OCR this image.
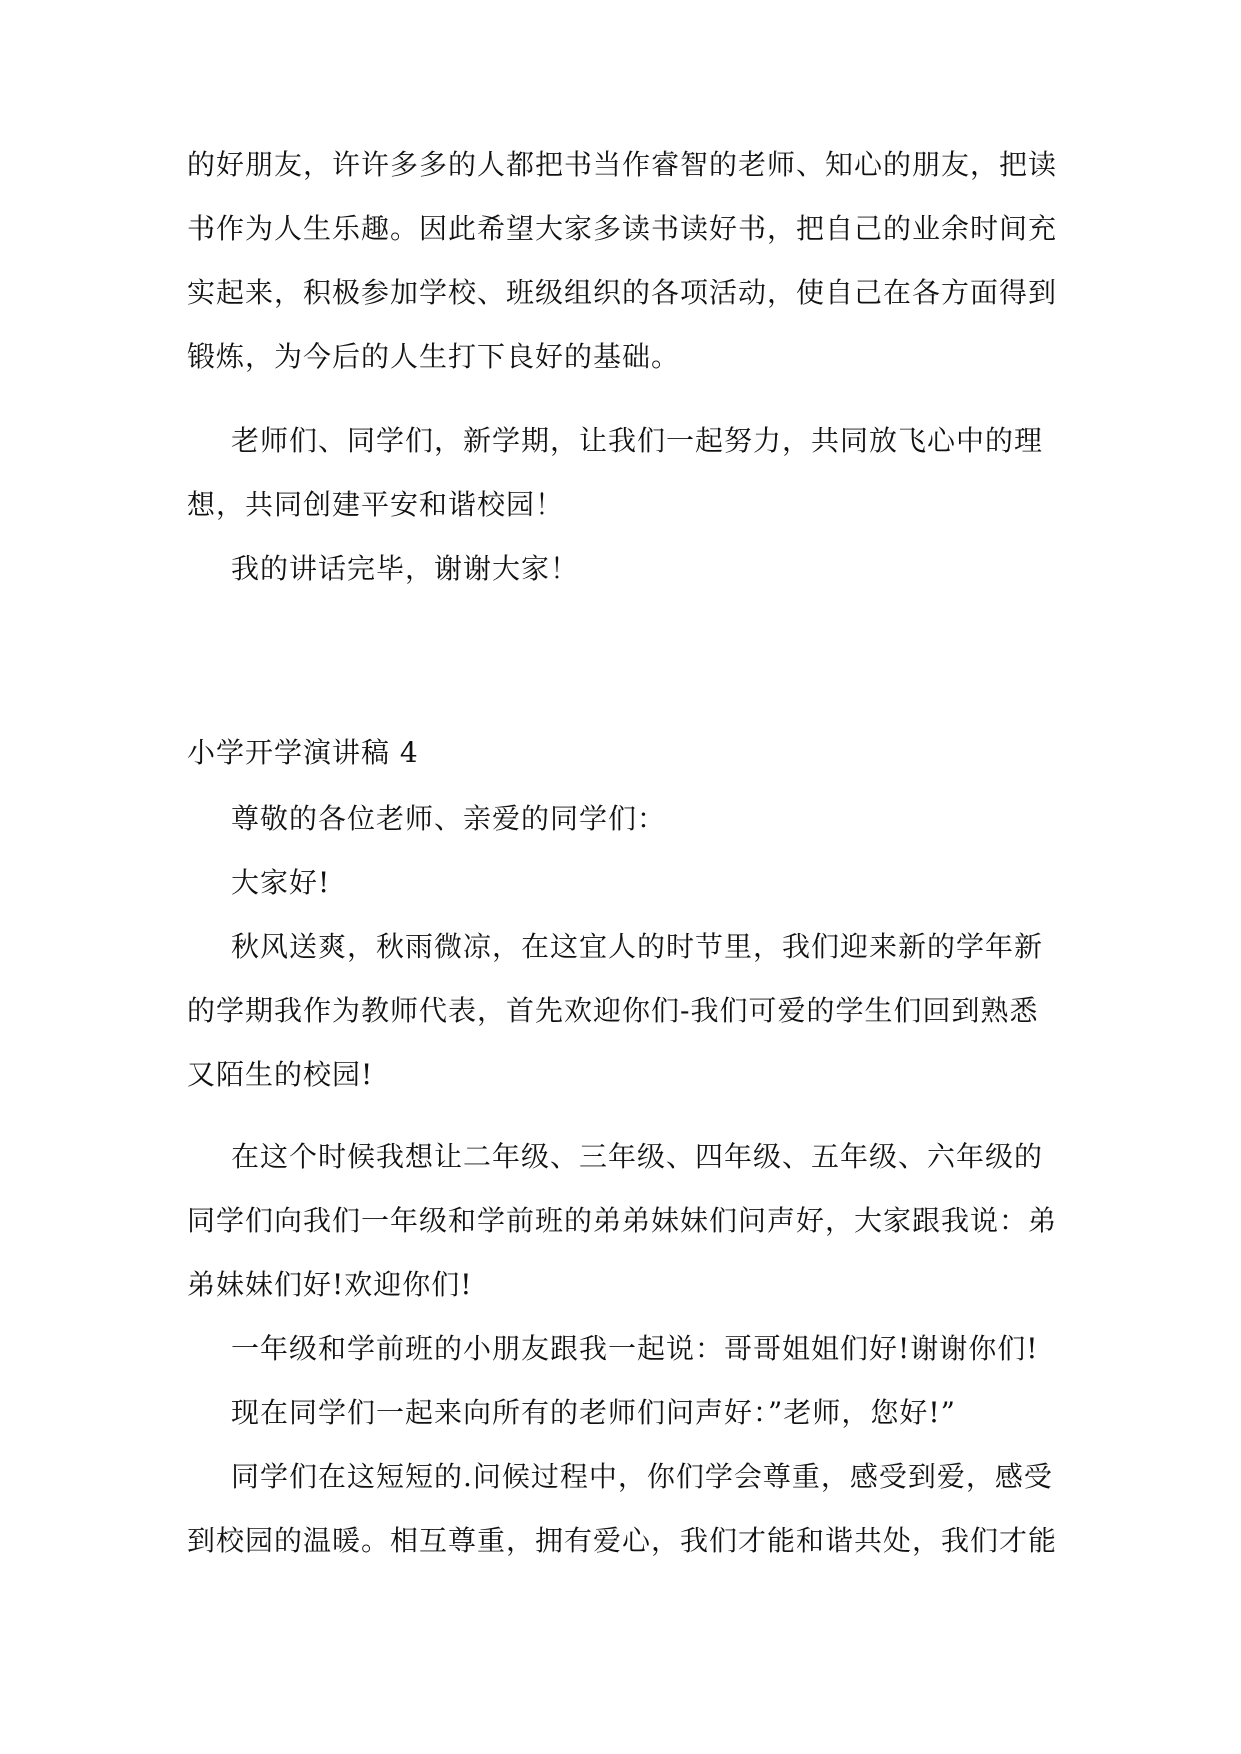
的好朋友，许许多多的人都把书当作睿智的老师、知心的朋友，把读
书作为人生乐趣。因此希望大家多读书读好书，把自己的业余时间充
实起来，积极参加学校、班级组织的各项活动，使自己在各方面得到
锻炼，为今后的人生打下良好的基础。
老师们、同学们，新学期，让我们一起努力，共同放飞心中的理
想，共同创建平安和谐校园！
我的讲话完毕，谢谢大家！
小学开学演讲稿 4
尊敬的各位老师、亲爱的同学们：
大家好!
秋风送爽，秋雨微凉，在这宜人的时节里，我们迎来新的学年新
的学期我作为教师代表，首先欢迎你们-我们可爱的学生们回到熟悉
又陌生的校园!
在这个时候我想让二年级、三年级、四年级、五年级、六年级的
同学们向我们一年级和学前班的弟弟妹妹们问声好，大家跟我说：弟
弟妹妹们好!欢迎你们!
一年级和学前班的小朋友跟我一起说：哥哥姐姐们好!谢谢你们!
现在同学们一起来向所有的老师们问声好：”老师，您好!”
同学们在这短短的.问候过程中，你们学会尊重，感受到爱，感受
到校园的温暖。相互尊重，拥有爱心，我们才能和谐共处，我们才能
